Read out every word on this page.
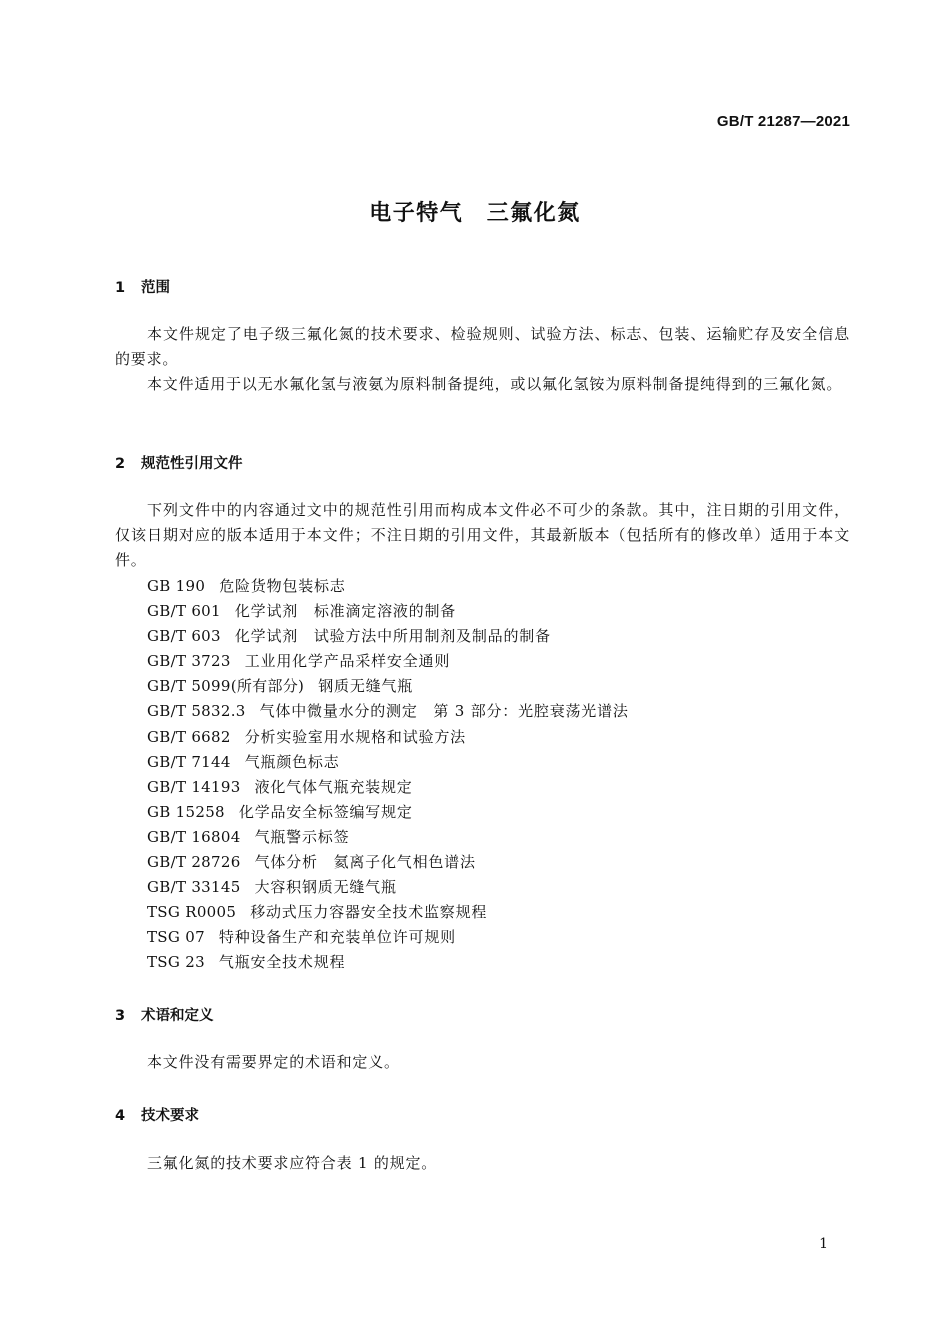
GB/T 21287—2021
电子特气　三氟化氮
1 范围
本文件规定了电子级三氟化氮的技术要求、检验规则、试验方法、标志、包装、运输贮存及安全信息的要求。
本文件适用于以无水氟化氢与液氨为原料制备提纯，或以氟化氢铵为原料制备提纯得到的三氟化氮。
2 规范性引用文件
下列文件中的内容通过文中的规范性引用而构成本文件必不可少的条款。其中，注日期的引用文件，仅该日期对应的版本适用于本文件；不注日期的引用文件，其最新版本（包括所有的修改单）适用于本文件。
GB 190 危险货物包装标志
GB/T 601 化学试剂　标准滴定溶液的制备
GB/T 603 化学试剂　试验方法中所用制剂及制品的制备
GB/T 3723 工业用化学产品采样安全通则
GB/T 5099(所有部分) 钢质无缝气瓶
GB/T 5832.3 气体中微量水分的测定　第 3 部分：光腔衰荡光谱法
GB/T 6682 分析实验室用水规格和试验方法
GB/T 7144 气瓶颜色标志
GB/T 14193 液化气体气瓶充装规定
GB 15258 化学品安全标签编写规定
GB/T 16804 气瓶警示标签
GB/T 28726 气体分析　氦离子化气相色谱法
GB/T 33145 大容积钢质无缝气瓶
TSG R0005 移动式压力容器安全技术监察规程
TSG 07 特种设备生产和充装单位许可规则
TSG 23 气瓶安全技术规程
3 术语和定义
本文件没有需要界定的术语和定义。
4 技术要求
三氟化氮的技术要求应符合表 1 的规定。
1
